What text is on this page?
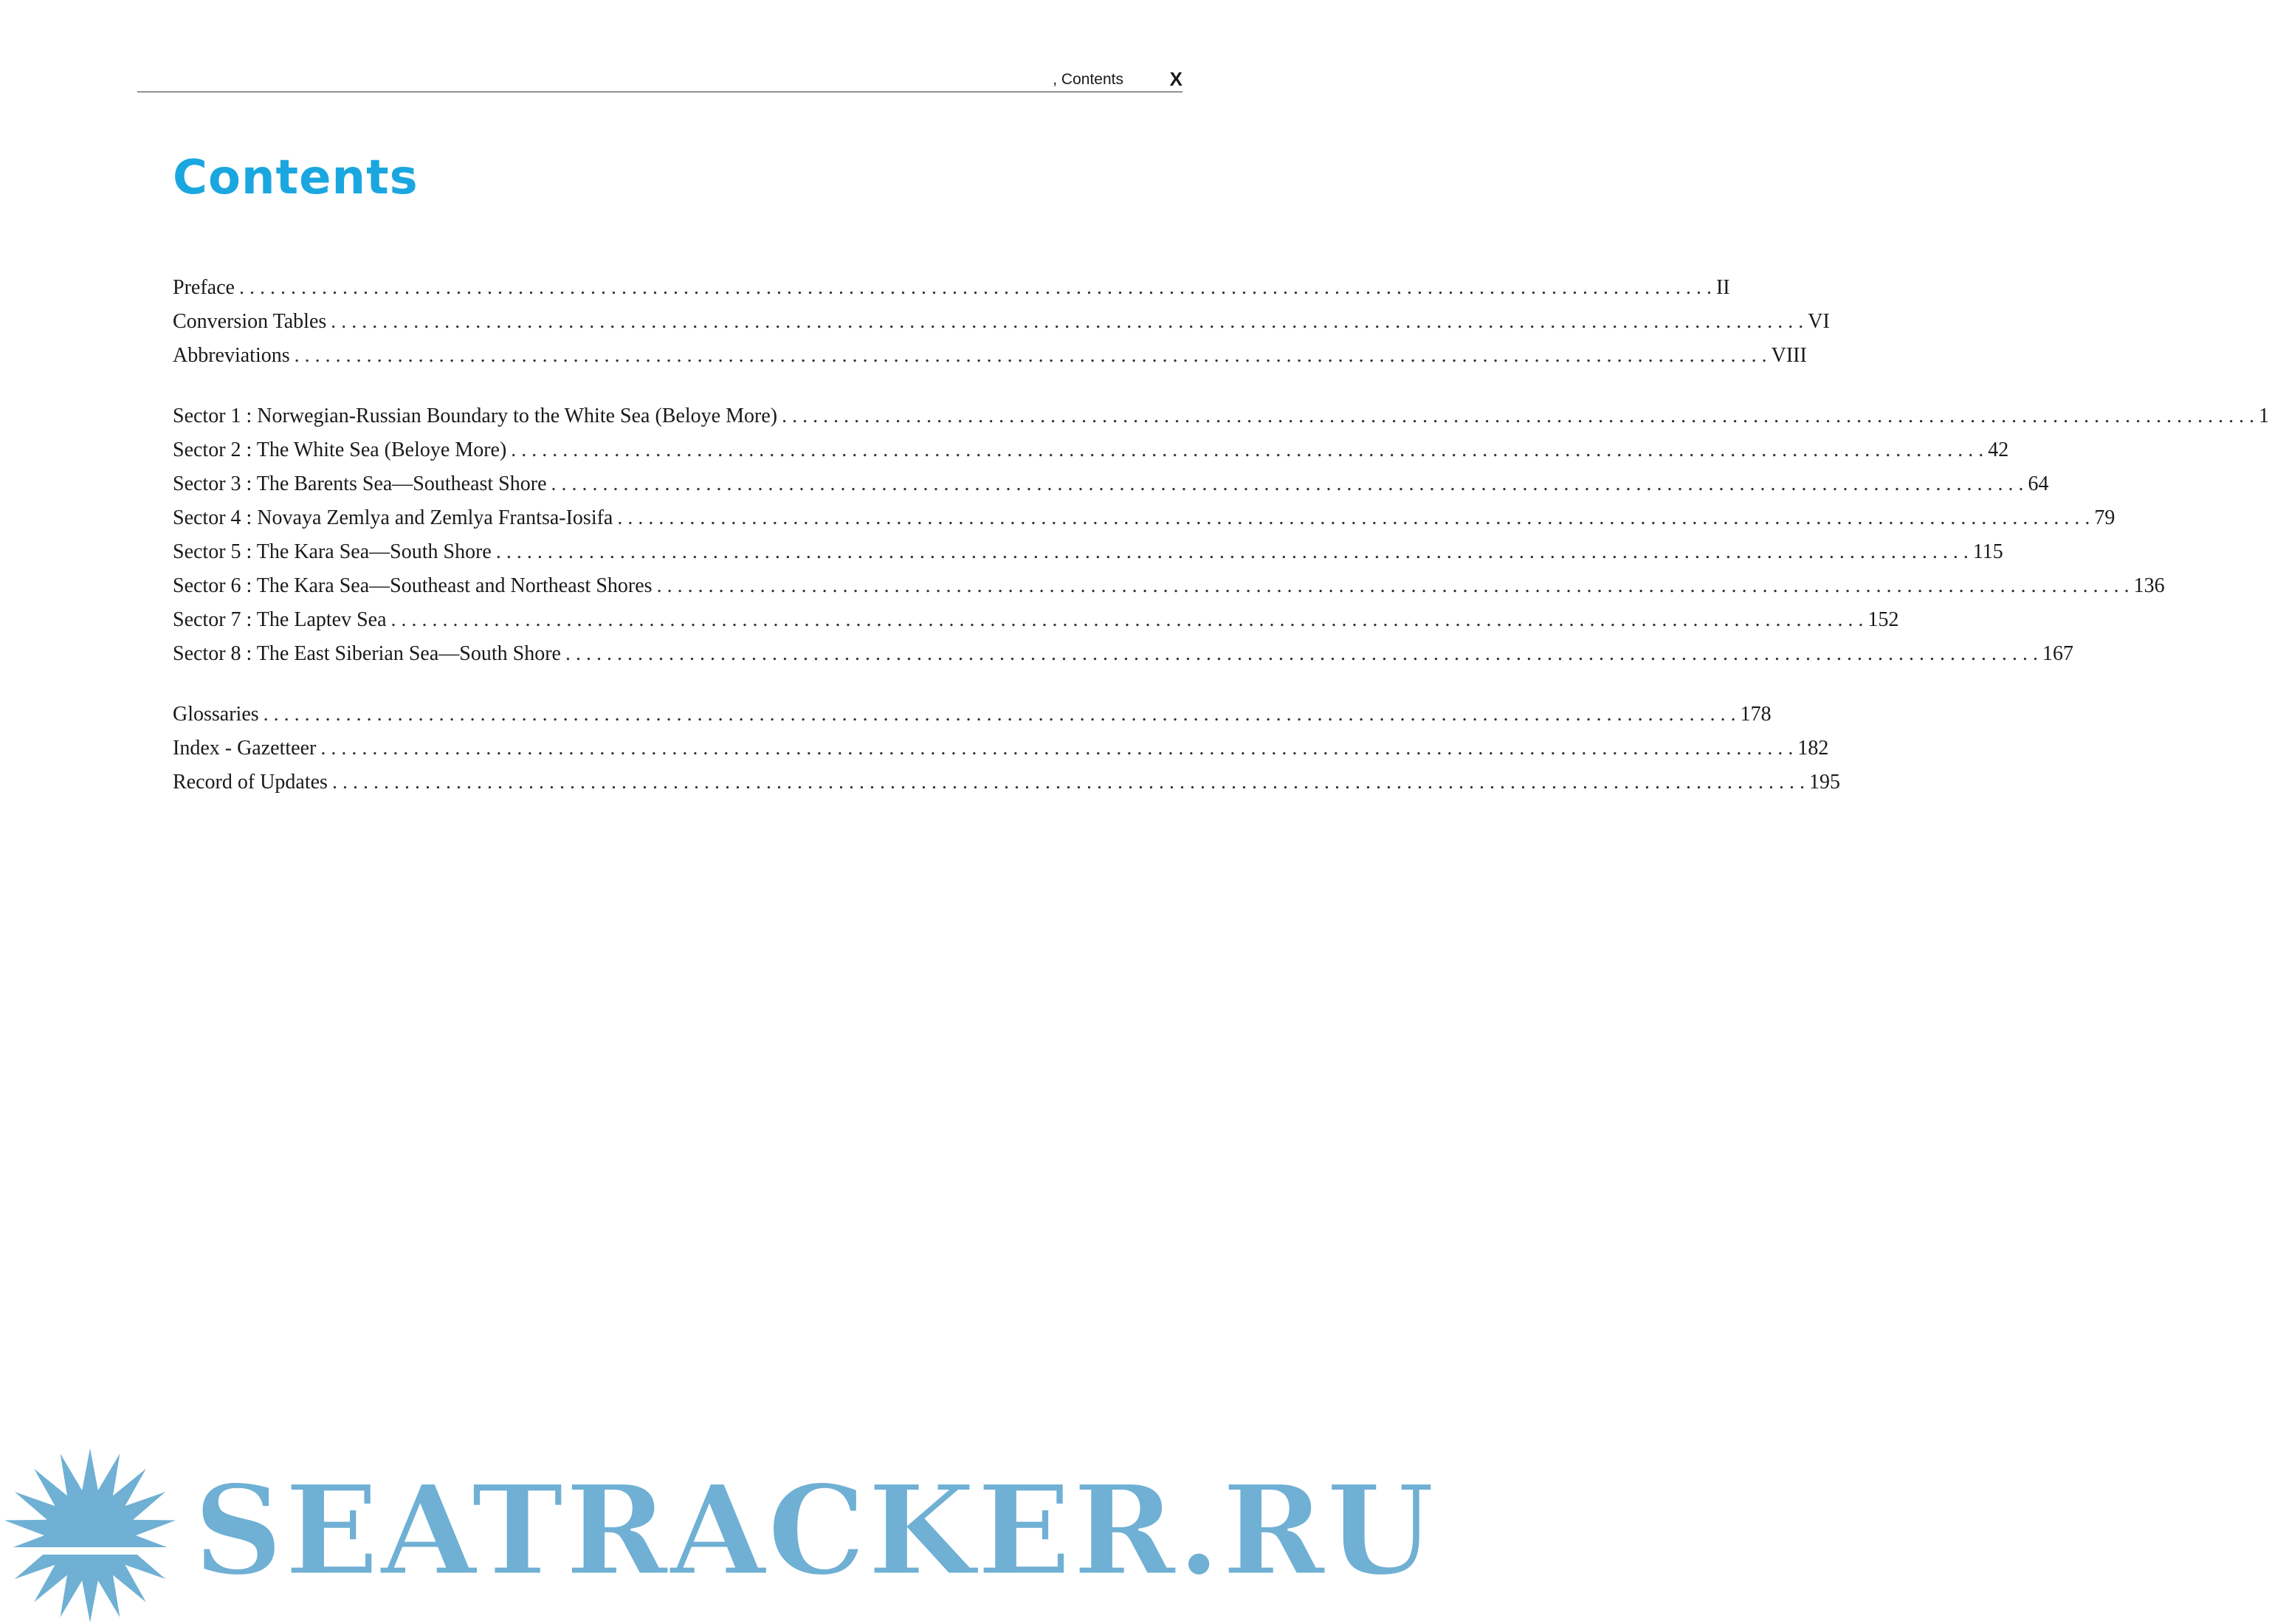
, Contents X
Contents
Preface . . .	II
Conversion Tables . . .	VI
Abbreviations . . .	VIII
Sector 1 : Norwegian-Russian Boundary to the White Sea (Beloye More) . . .	1
Sector 2 : The White Sea (Beloye More) . . .	42
Sector 3 : The Barents Sea—Southeast Shore . . .	64
Sector 4 : Novaya Zemlya and Zemlya Frantsa-Iosifa . . .	79
Sector 5 : The Kara Sea—South Shore . . .	115
Sector 6 : The Kara Sea—Southeast and Northeast Shores . . .	136
Sector 7 : The Laptev Sea . . .	152
Sector 8 : The East Siberian Sea—South Shore . . .	167
Glossaries . . .	178
Index - Gazetteer . . .	182
Record of Updates . . .	195
SEATRACKER.RU
